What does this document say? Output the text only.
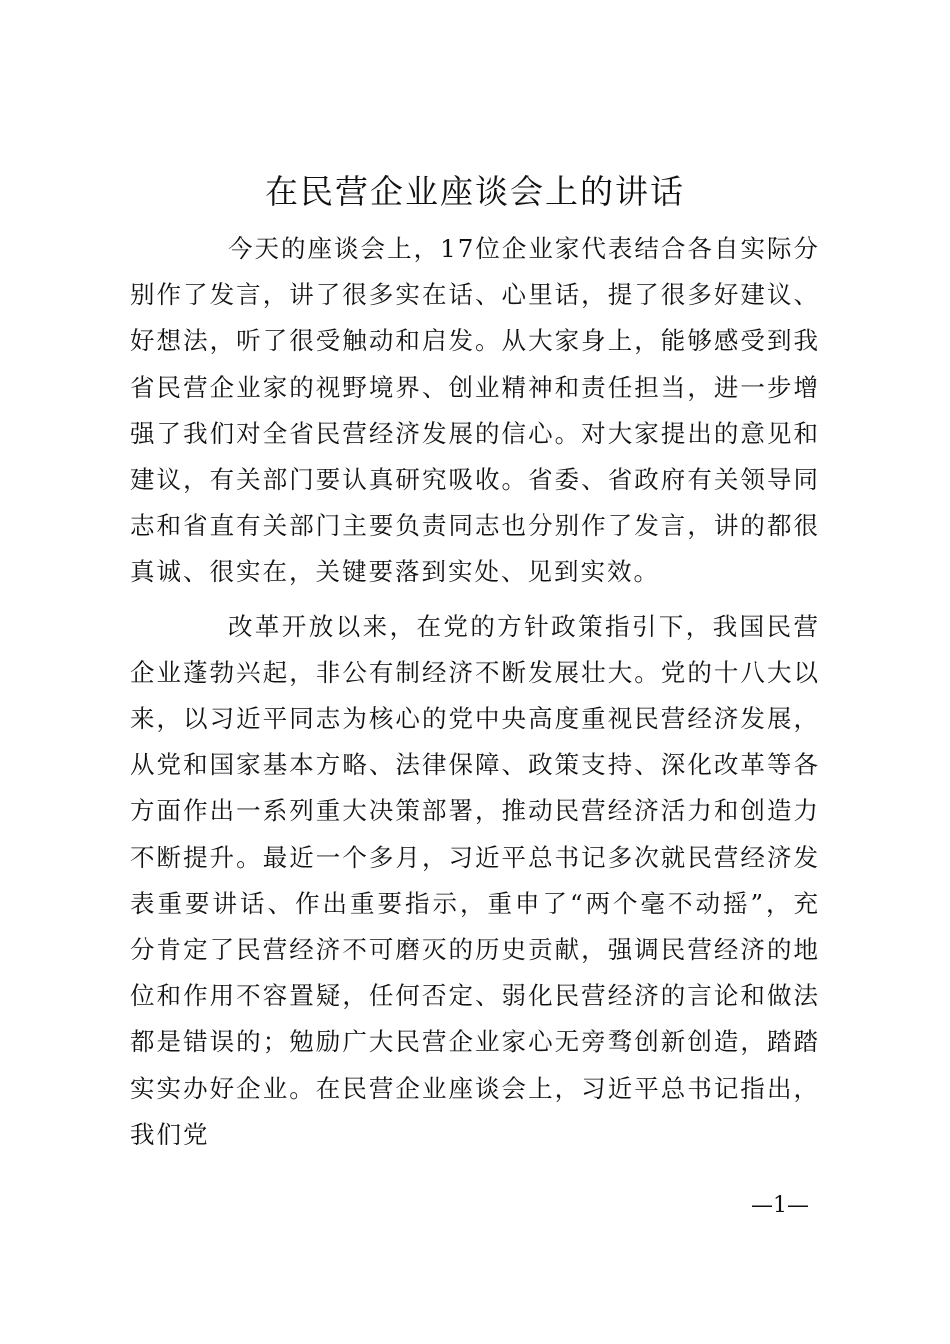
在民营企业座谈会上的讲话

今天的座谈会上，17位企业家代表结合各自实际分别作了发言，讲了很多实在话、心里话，提了很多好建议、好想法，听了很受触动和启发。从大家身上，能够感受到我省民营企业家的视野境界、创业精神和责任担当，进一步增强了我们对全省民营经济发展的信心。对大家提出的意见和建议，有关部门要认真研究吸收。省委、省政府有关领导同志和省直有关部门主要负责同志也分别作了发言，讲的都很真诚、很实在，关键要落到实处、见到实效。

改革开放以来，在党的方针政策指引下，我国民营企业蓬勃兴起，非公有制经济不断发展壮大。党的十八大以来，以习近平同志为核心的党中央高度重视民营经济发展，从党和国家基本方略、法律保障、政策支持、深化改革等各方面作出一系列重大决策部署，推动民营经济活力和创造力不断提升。最近一个多月，习近平总书记多次就民营经济发表重要讲话、作出重要指示，重申了“两个毫不动摇”，充分肯定了民营经济不可磨灭的历史贡献，强调民营经济的地位和作用不容置疑，任何否定、弱化民营经济的言论和做法都是错误的；勉励广大民营企业家心无旁骛创新创造，踏踏实实办好企业。在民营企业座谈会上，习近平总书记指出，我们党

—1—
